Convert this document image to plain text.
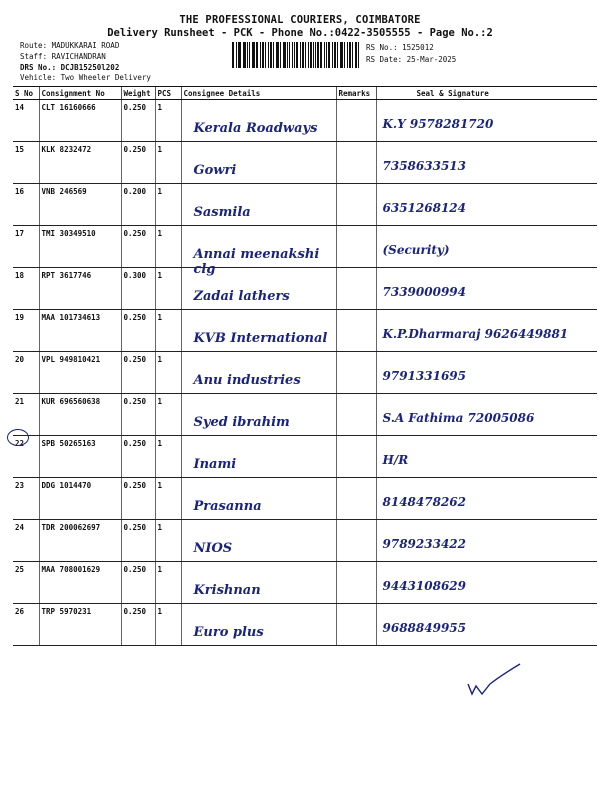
THE PROFESSIONAL COURIERS, COIMBATORE
Delivery Runsheet - PCK - Phone No.:0422-3505555 - Page No.:2
Route: MADUKKARAI ROAD
Staff: RAVICHANDRAN
DRS No.: DCJB15250l202
Vehicle: Two Wheeler Delivery
RS No.: 1525012
RS Date: 25-Mar-2025
S No	Consignment No	Weight	PCS	Consignee Details	Remarks	Seal & Signature
14	CLT 16160666	0.250	1	Kerala Roadways		K.Y 9578281720
15	KLK 8232472	0.250	1	Gowri		7358633513
16	VNB 246569	0.200	1	Sasmila		6351268124
17	TMI 30349510	0.250	1	Annai meenakshi clg		(Security)
18	RPT 3617746	0.300	1	Zadai lathers		7339000994
19	MAA 101734613	0.250	1	KVB International		K.P.Dharmaraj 9626449881
20	VPL 949810421	0.250	1	Anu industries		9791331695
21	KUR 696560638	0.250	1	Syed ibrahim		S.A Fathima 72005086
22	SPB 50265163	0.250	1	Inami		H/R
23	DDG 1014470	0.250	1	Prasanna		8148478262
24	TDR 200062697	0.250	1	NIOS		9789233422
25	MAA 708001629	0.250	1	Krishnan		9443108629
26	TRP 5970231	0.250	1	Euro plus		9688849955
